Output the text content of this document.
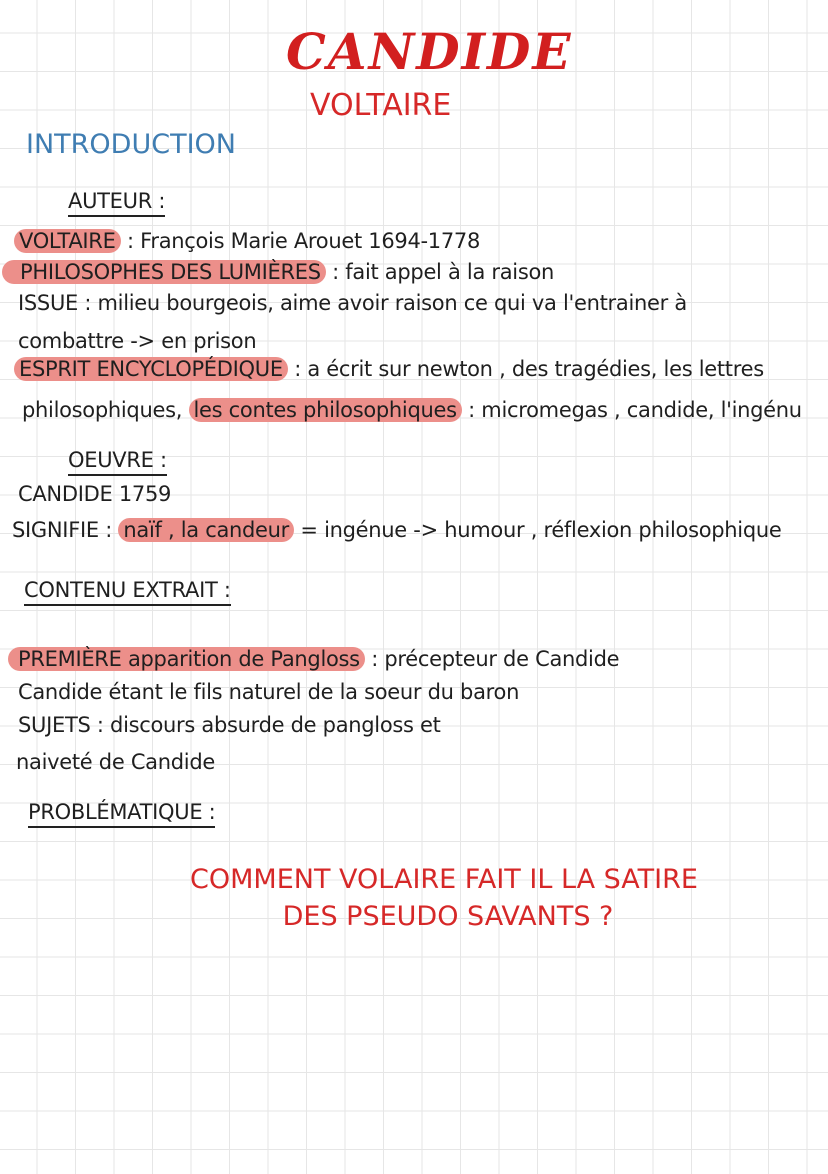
CANDIDE
VOLTAIRE
INTRODUCTION
AUTEUR :
VOLTAIRE : François Marie Arouet 1694-1778
PHILOSOPHES DES LUMIÈRES : fait appel à la raison
ISSUE : milieu bourgeois, aime avoir raison ce qui va l'entrainer à
combattre -> en prison
ESPRIT ENCYCLOPÉDIQUE : a écrit sur newton , des tragédies, les lettres
philosophiques, les contes philosophiques : micromegas , candide, l'ingénu
OEUVRE :
CANDIDE 1759
SIGNIFIE : naïf , la candeur = ingénue -> humour , réflexion philosophique
CONTENU EXTRAIT :
PREMIÈRE apparition de Pangloss : précepteur de Candide
Candide étant le fils naturel de la soeur du baron
SUJETS : discours absurde de pangloss et
naiveté de Candide
PROBLÉMATIQUE :
COMMENT VOLAIRE FAIT IL LA SATIRE
DES PSEUDO SAVANTS ?
